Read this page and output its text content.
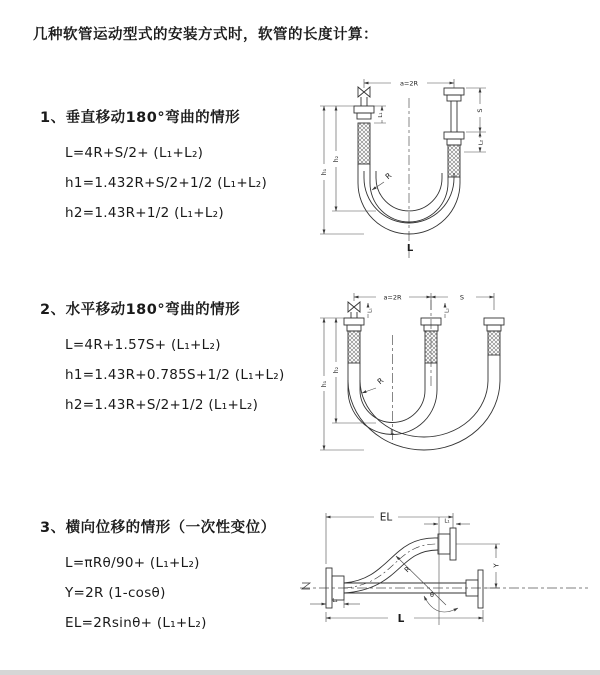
几种软管运动型式的安装方式时，软管的长度计算：
1、垂直移动180°弯曲的情形
L=4R+S/2+ (L₁+L₂)
h1=1.432R+S/2+1/2 (L₁+L₂)
h2=1.43R+1/2 (L₁+L₂)
2、水平移动180°弯曲的情形
L=4R+1.57S+ (L₁+L₂)
h1=1.43R+0.785S+1/2 (L₁+L₂)
h2=1.43R+S/2+1/2 (L₁+L₂)
3、横向位移的情形（一次性变位）
L=πRθ/90+ (L₁+L₂)
Y=2R (1-cosθ)
EL=2Rsinθ+ (L₁+L₂)
a=2R
L₁
h₂
h₁
S
L₂
R
L
a=2R	S
L₁	L₂
h₂
h₁	R
L
EL	L₁
Y
R
θ
L₂
L
